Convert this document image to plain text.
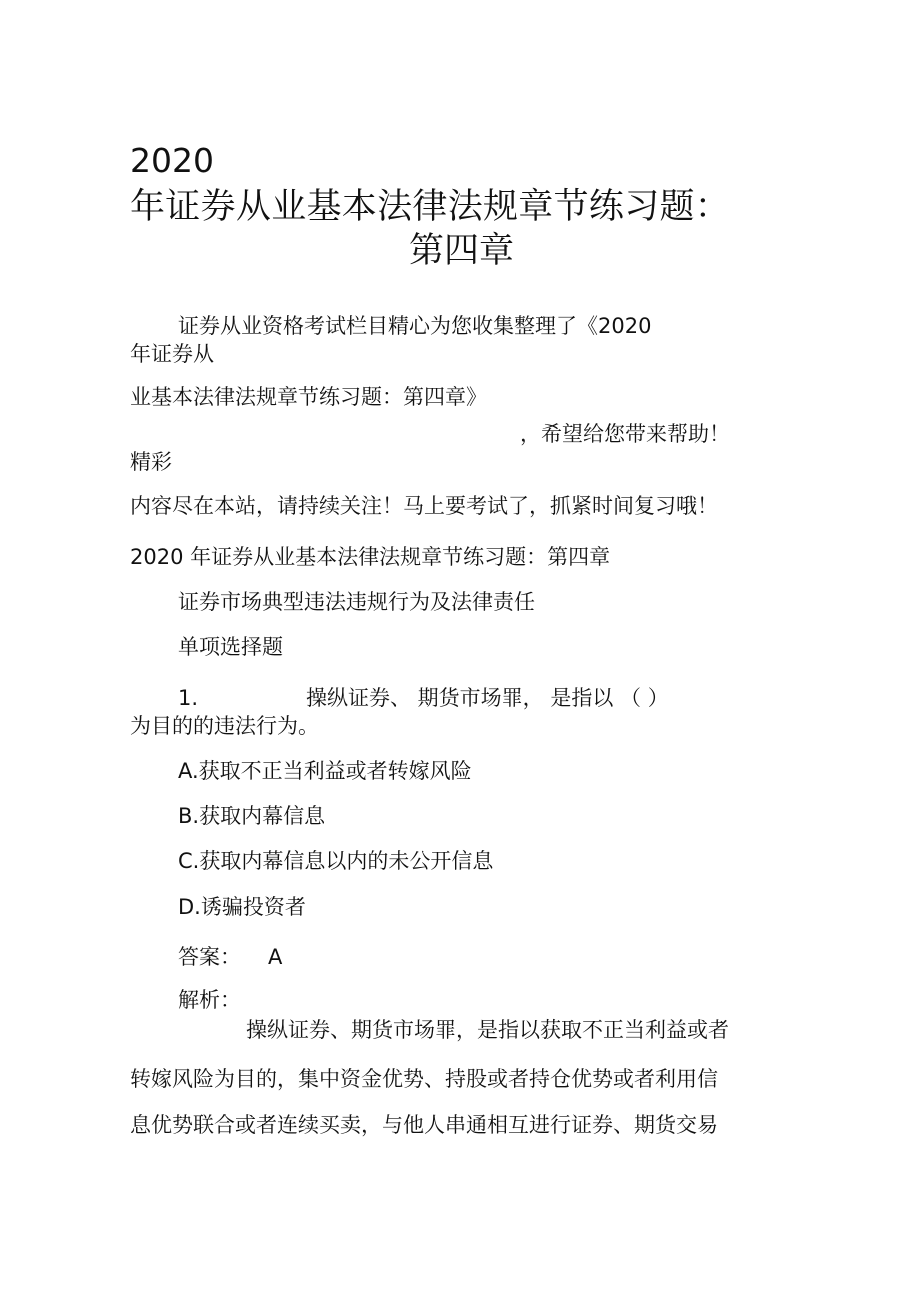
2020
年证券从业基本法律法规章节练习题：
第四章
证券从业资格考试栏目精心为您收集整理了《2020
年证券从
业基本法律法规章节练习题：第四章》
，希望给您带来帮助！
精彩
内容尽在本站，请持续关注！马上要考试了，抓紧时间复习哦！
2020 年证券从业基本法律法规章节练习题：第四章
证券市场典型违法违规行为及法律责任
单项选择题
1.	操纵证券、 期货市场罪， 是指以 （ ）
为目的的违法行为。
A.获取不正当利益或者转嫁风险
B.获取内幕信息
C.获取内幕信息以内的未公开信息
D.诱骗投资者
答案： A
解析：
操纵证券、期货市场罪，是指以获取不正当利益或者
转嫁风险为目的，集中资金优势、持股或者持仓优势或者利用信
息优势联合或者连续买卖，与他人串通相互进行证券、期货交易
